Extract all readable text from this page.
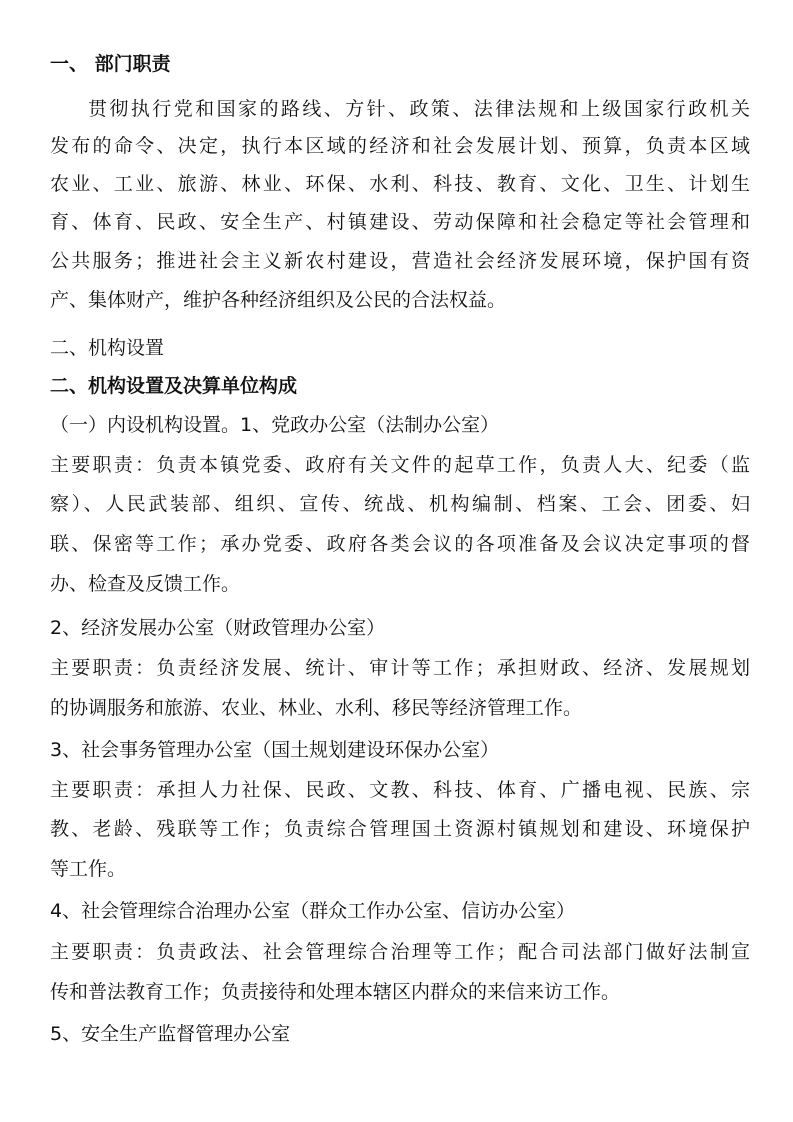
一、 部门职责
贯彻执行党和国家的路线、方针、政策、法律法规和上级国家行政机关
发布的命令、决定，执行本区域的经济和社会发展计划、预算，负责本区域
农业、工业、旅游、林业、环保、水利、科技、教育、文化、卫生、计划生
育、体育、民政、安全生产、村镇建设、劳动保障和社会稳定等社会管理和
公共服务；推进社会主义新农村建设，营造社会经济发展环境，保护国有资
产、集体财产，维护各种经济组织及公民的合法权益。
二、机构设置
二、机构设置及决算单位构成
（一）内设机构设置。1、党政办公室（法制办公室）
主要职责：负责本镇党委、政府有关文件的起草工作，负责人大、纪委（监
察）、人民武装部、组织、宣传、统战、机构编制、档案、工会、团委、妇
联、保密等工作；承办党委、政府各类会议的各项准备及会议决定事项的督
办、检查及反馈工作。
2、经济发展办公室（财政管理办公室）
主要职责：负责经济发展、统计、审计等工作；承担财政、经济、发展规划
的协调服务和旅游、农业、林业、水利、移民等经济管理工作。
3、社会事务管理办公室（国土规划建设环保办公室）
主要职责：承担人力社保、民政、文教、科技、体育、广播电视、民族、宗
教、老龄、残联等工作；负责综合管理国土资源村镇规划和建设、环境保护
等工作。
4、社会管理综合治理办公室（群众工作办公室、信访办公室）
主要职责：负责政法、社会管理综合治理等工作；配合司法部门做好法制宣
传和普法教育工作；负责接待和处理本辖区内群众的来信来访工作。
5、安全生产监督管理办公室
